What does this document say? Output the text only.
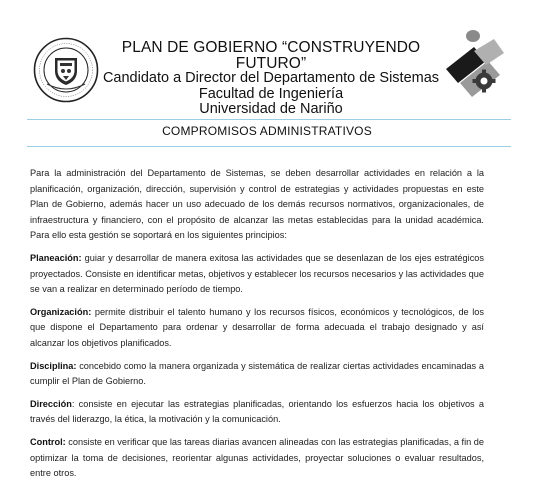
PLAN DE GOBIERNO “CONSTRUYENDO FUTURO”
Candidato a Director del Departamento de Sistemas
Facultad de Ingeniería
Universidad de Nariño
COMPROMISOS ADMINISTRATIVOS

Para la administración del Departamento de Sistemas, se deben desarrollar actividades en relación a la planificación, organización, dirección, supervisión y control de estrategias y actividades propuestas en este Plan de Gobierno, además hacer un uso adecuado de los demás recursos normativos, organizacionales, de infraestructura y financiero, con el propósito de alcanzar las metas establecidas para la unidad académica. Para ello esta gestión se soportará en los siguientes principios:

Planeación: guiar y desarrollar de manera exitosa las actividades que se desenlazan de los ejes estratégicos proyectados. Consiste en identificar metas, objetivos y establecer los recursos necesarios y las actividades que se van a realizar en determinado período de tiempo.

Organización: permite distribuir el talento humano y los recursos físicos, económicos y tecnológicos, de los que dispone el Departamento para ordenar y desarrollar de forma adecuada el trabajo designado y así alcanzar los objetivos planificados.

Disciplina: concebido como la manera organizada y sistemática de realizar ciertas actividades encaminadas a cumplir el Plan de Gobierno.

Dirección: consiste en ejecutar las estrategias planificadas, orientando los esfuerzos hacia los objetivos a través del liderazgo, la ética, la motivación y la comunicación.

Control: consiste en verificar que las tareas diarias avancen alineadas con las estrategias planificadas, a fin de optimizar la toma de decisiones, reorientar algunas actividades, proyectar soluciones o evaluar resultados, entre otros.
